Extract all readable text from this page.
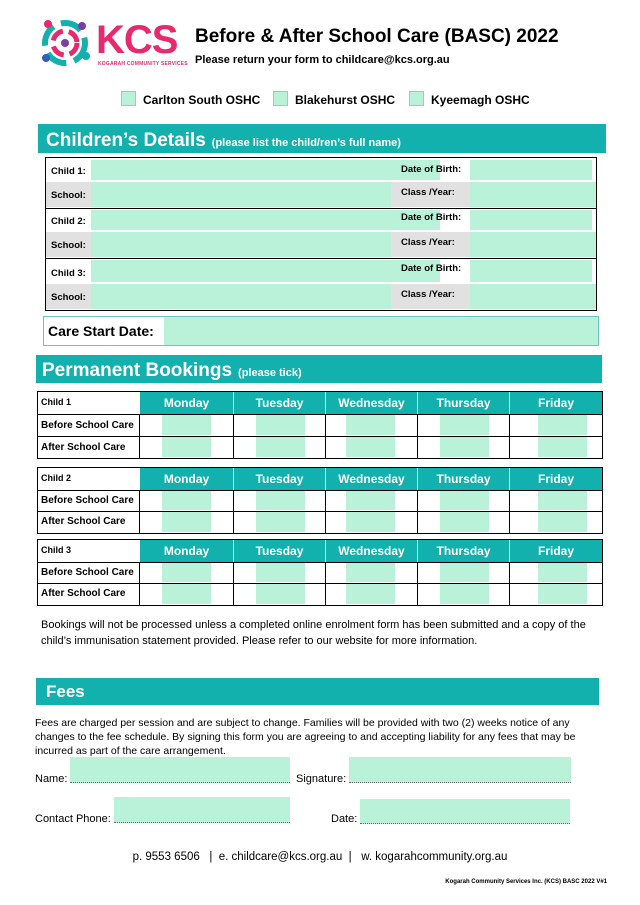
KCS
KOGARAH COMMUNITY SERVICES
Before & After School Care (BASC) 2022
Please return your form to childcare@kcs.org.au
Carlton South OSHC	Blakehurst OSHC	Kyeemagh OSHC
Children’s Details (please list the child/ren’s full name)
Child 1:	Date of Birth:
School:	Class /Year:
Child 2:	Date of Birth:
School:	Class /Year:
Child 3:	Date of Birth:
School:	Class /Year:
Care Start Date:
Permanent Bookings (please tick)
Child 1	Monday	Tuesday	Wednesday	Thursday	Friday
Before School Care
After School Care
Child 2	Monday	Tuesday	Wednesday	Thursday	Friday
Before School Care
After School Care
Child 3	Monday	Tuesday	Wednesday	Thursday	Friday
Before School Care
After School Care
Bookings will not be processed unless a completed online enrolment form has been submitted and a copy of the child’s immunisation statement provided. Please refer to our website for more information.
Fees
Fees are charged per session and are subject to change. Families will be provided with two (2) weeks notice of any changes to the fee schedule. By signing this form you are agreeing to and accepting liability for any fees that may be incurred as part of the care arrangement.
Name:	Signature:
Contact Phone:	Date:
p. 9553 6506   |  e. childcare@kcs.org.au  |   w. kogarahcommunity.org.au
Kogarah Community Services Inc. (KCS) BASC 2022 V#1
